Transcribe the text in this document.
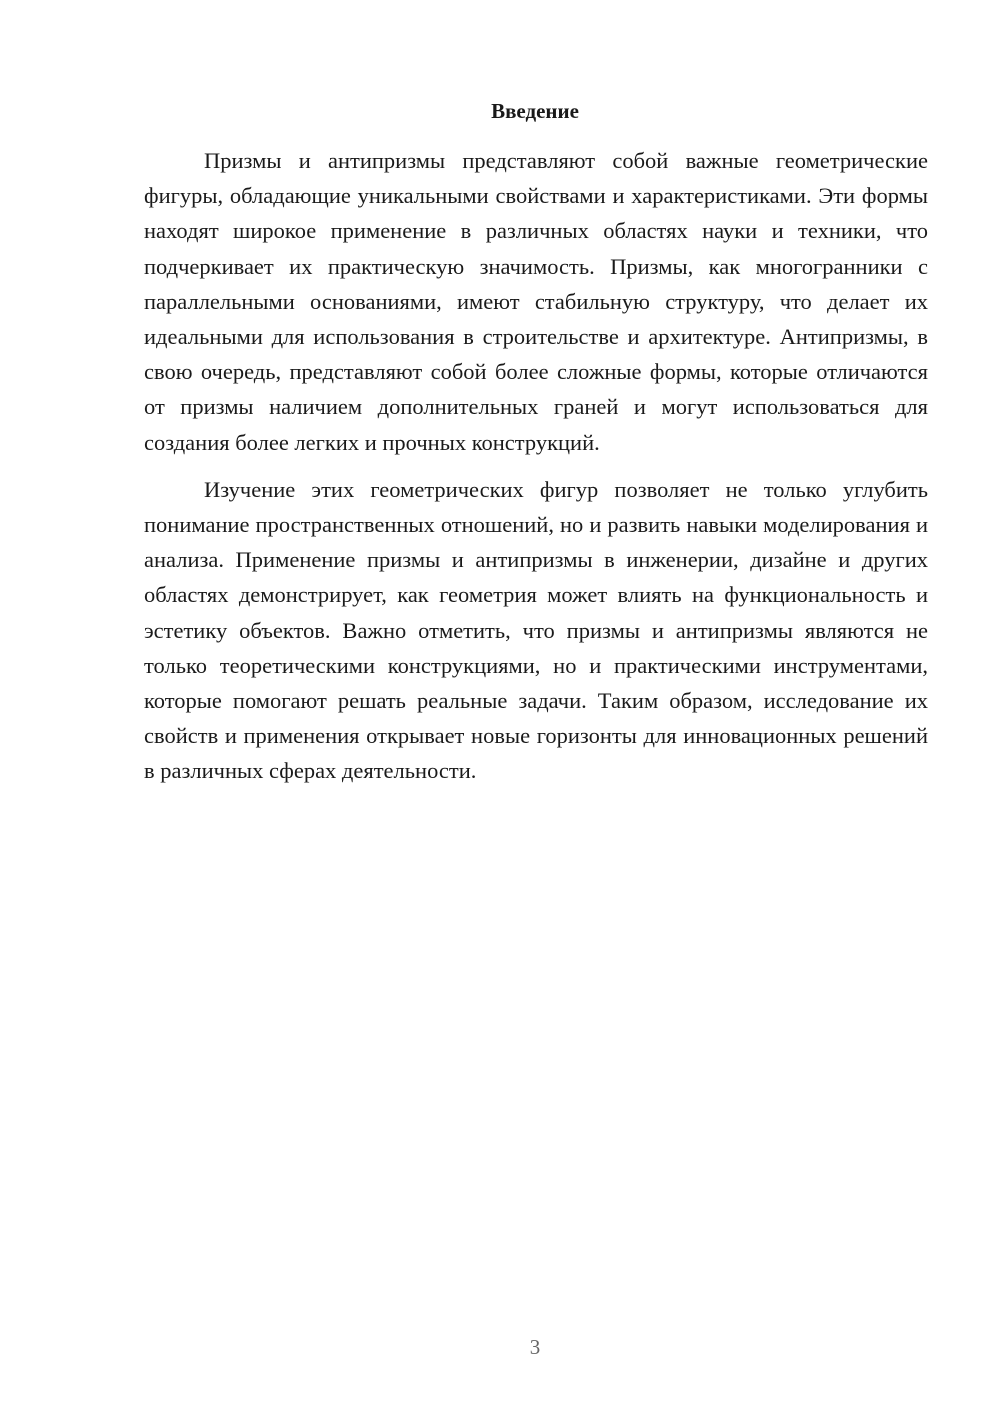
Введение

Призмы и антипризмы представляют собой важные геометрические фигуры, обладающие уникальными свойствами и характеристиками. Эти формы находят широкое применение в различных областях науки и техники, что подчеркивает их практическую значимость. Призмы, как многогранники с параллельными основаниями, имеют стабильную структуру, что делает их идеальными для использования в строительстве и архитектуре. Антипризмы, в свою очередь, представляют собой более сложные формы, которые отличаются от призмы наличием дополнительных граней и могут использоваться для создания более легких и прочных конструкций.

Изучение этих геометрических фигур позволяет не только углубить понимание пространственных отношений, но и развить навыки моделирования и анализа. Применение призмы и антипризмы в инженерии, дизайне и других областях демонстрирует, как геометрия может влиять на функциональность и эстетику объектов. Важно отметить, что призмы и антипризмы являются не только теоретическими конструкциями, но и практическими инструментами, которые помогают решать реальные задачи. Таким образом, исследование их свойств и применения открывает новые горизонты для инновационных решений в различных сферах деятельности.

3
